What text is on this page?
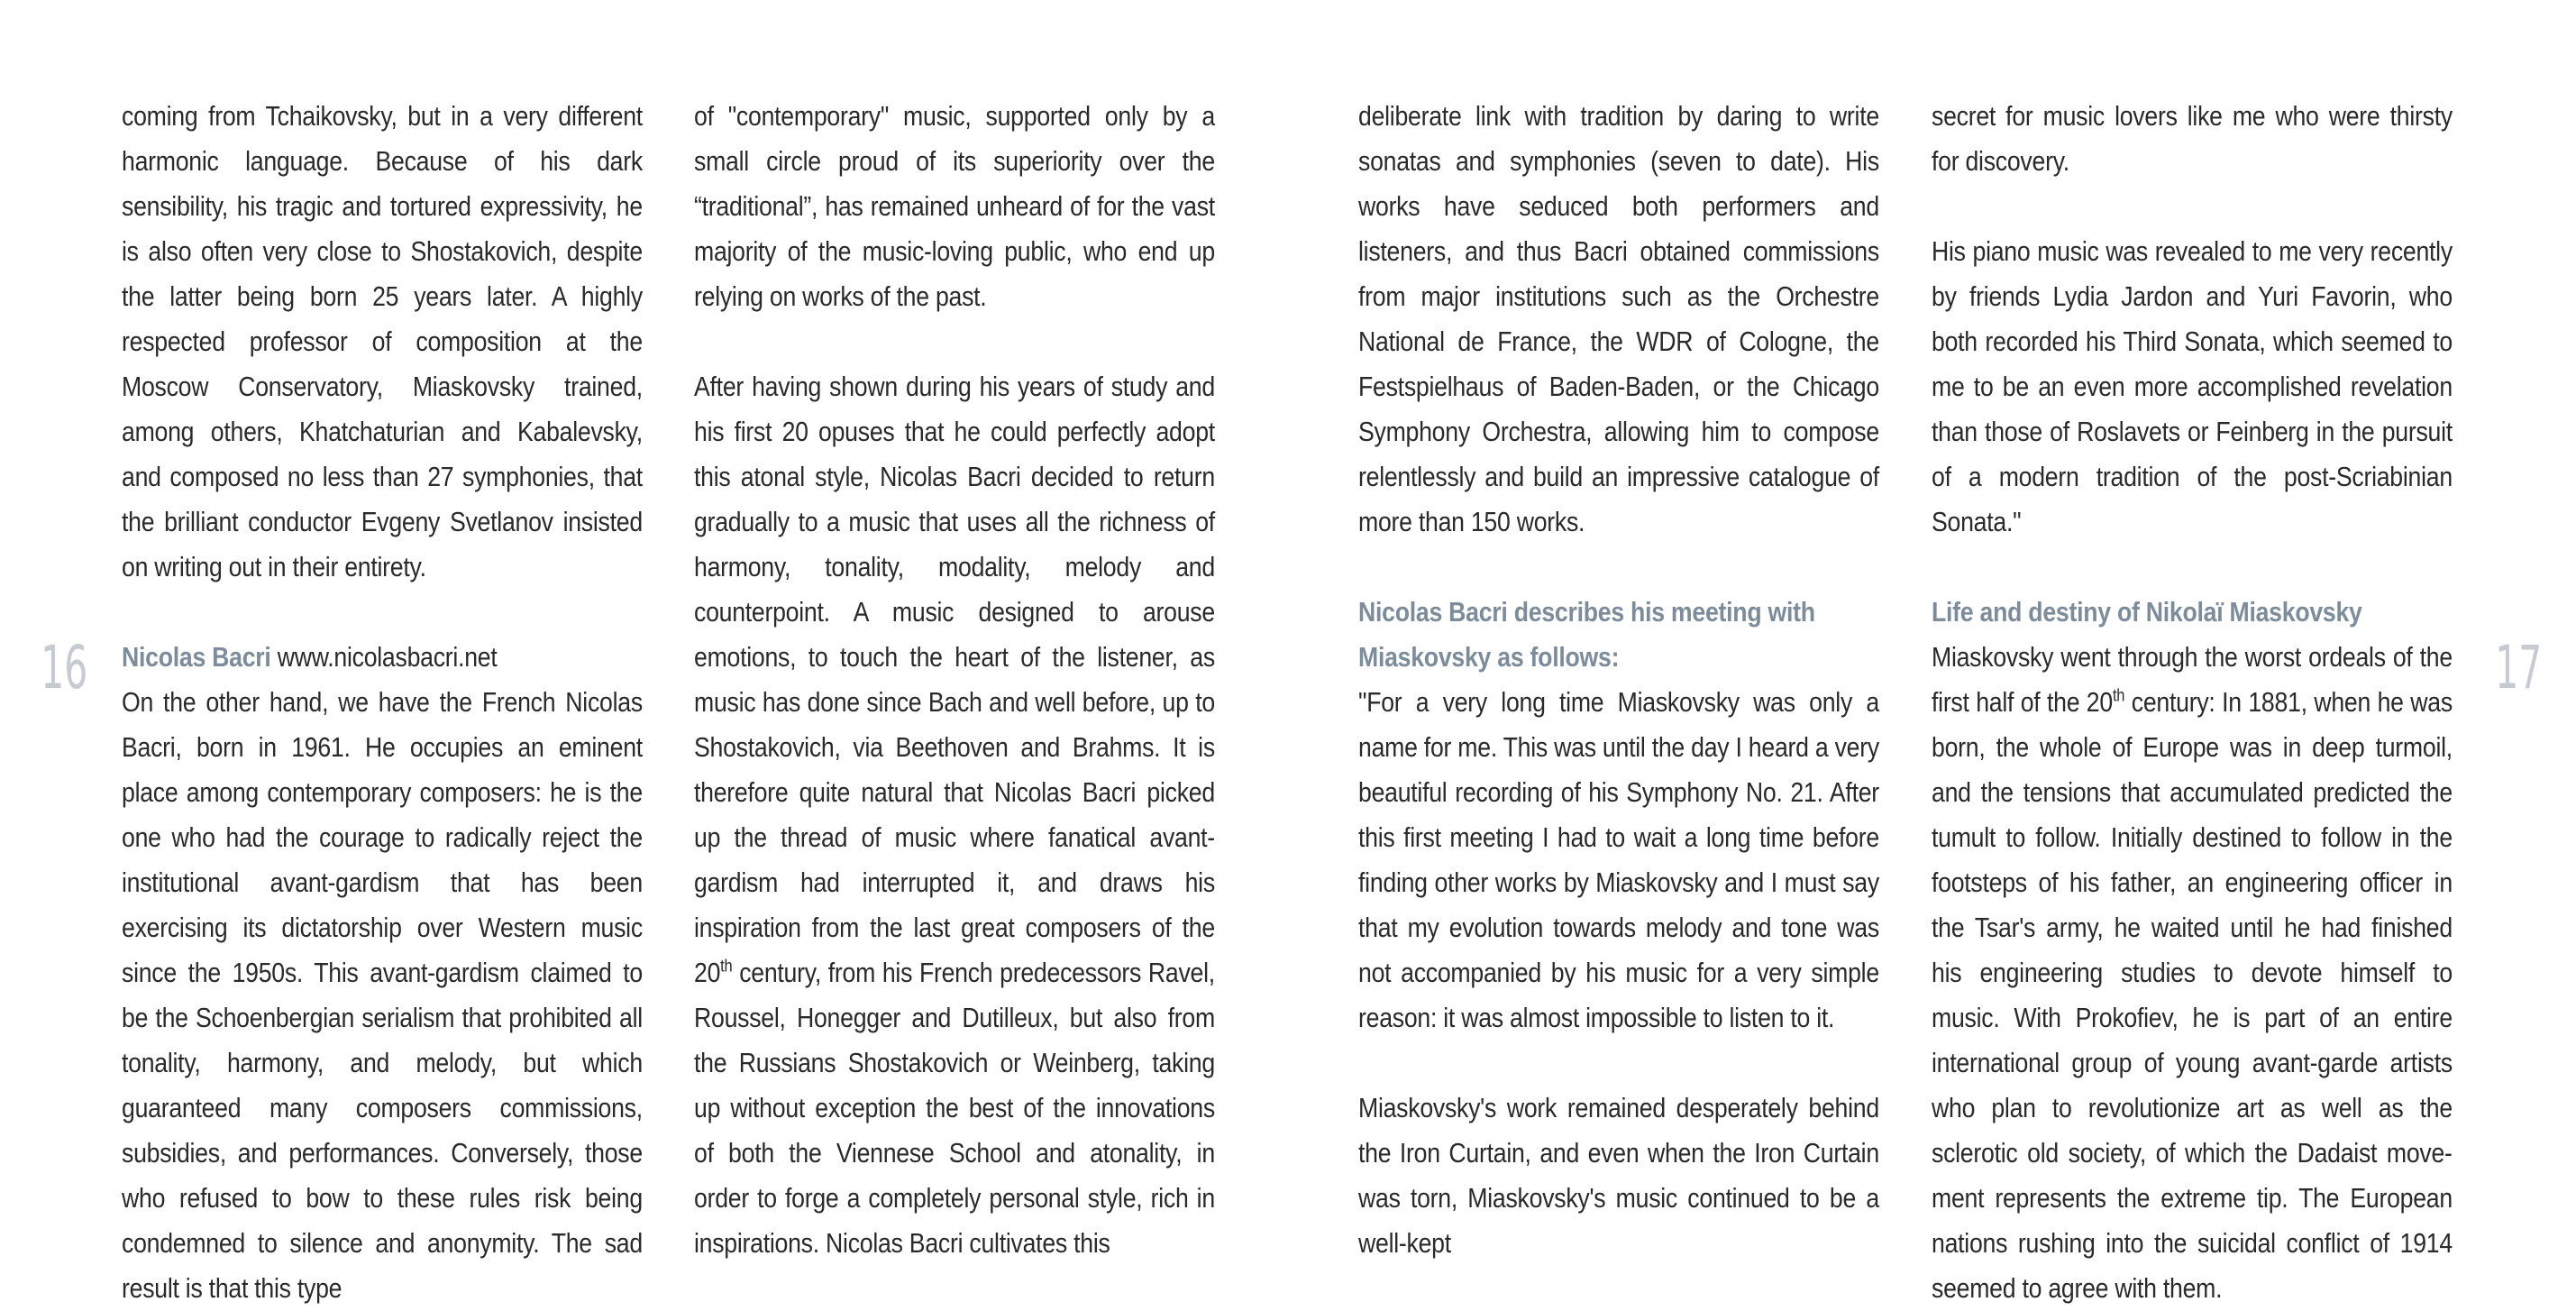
16	17

coming from Tchaikovsky, but in a very different harmonic language. Because of his dark sensibility, his tragic and tortured expressivity, he is also often very close to Shostakovich, despite the latter being born 25 years later. A highly respected professor of composition at the Moscow Conservatory, Miaskovsky trained, among others, Khatchaturian and Kabalevsky, and composed no less than 27 symphonies, that the brilliant conductor Evgeny Svetlanov insisted on writing out in their entirety.

Nicolas Bacri www.nicolasbacri.net

On the other hand, we have the French Nicolas Bacri, born in 1961. He occupies an eminent place among contemporary composers: he is the one who had the courage to radically reject the institutional avant-gardism that has been exercising its dictatorship over Western music since the 1950s. This avant-gardism claimed to be the Schoenbergian serialism that prohibited all tonality, harmony, and melody, but which guaranteed many composers commissions, subsidies, and performances. Conversely, those who refused to bow to these rules risk being condemned to silence and anonymity. The sad result is that this type

of "contemporary" music, supported only by a small circle proud of its superiority over the “traditional”, has remained unheard of for the vast majority of the music-loving public, who end up relying on works of the past.

After having shown during his years of study and his first 20 opuses that he could perfectly adopt this atonal style, Nicolas Bacri decided to return gradually to a music that uses all the richness of harmony, tonality, modality, melody and counterpoint. A music designed to arouse emotions, to touch the heart of the listener, as music has done since Bach and well before, up to Shostakovich, via Beethoven and Brahms. It is therefore quite natural that Nicolas Bacri picked up the thread of music where fanatical avant-gardism had interrupted it, and draws his inspiration from the last great composers of the 20th century, from his French predecessors Ravel, Roussel, Honegger and Dutilleux, but also from the Russians Shostakovich or Weinberg, taking up without exception the best of the innovations of both the Viennese School and atonality, in order to forge a completely personal style, rich in inspirations. Nicolas Bacri cultivates this

deliberate link with tradition by daring to write sonatas and symphonies (seven to date). His works have seduced both performers and listeners, and thus Bacri obtained commissions from major institutions such as the Orchestre National de France, the WDR of Cologne, the Festspielhaus of Baden-Baden, or the Chicago Symphony Orchestra, allowing him to compose relentlessly and build an impressive catalogue of more than 150 works.

Nicolas Bacri describes his meeting with Miaskovsky as follows:

"For a very long time Miaskovsky was only a name for me. This was until the day I heard a very beautiful recording of his Symphony No. 21. After this first meeting I had to wait a long time before finding other works by Miaskovsky and I must say that my evolution towards melody and tone was not accompanied by his music for a very simple reason: it was almost impossible to listen to it.

Miaskovsky's work remained desperately behind the Iron Curtain, and even when the Iron Curtain was torn, Miaskovsky's music continued to be a well-kept

secret for music lovers like me who were thirsty for discovery.

His piano music was revealed to me very recently by friends Lydia Jardon and Yuri Favorin, who both recorded his Third Sonata, which seemed to me to be an even more accomplished revelation than those of Roslavets or Feinberg in the pursuit of a modern tradition of the post-Scriabinian Sonata."

Life and destiny of Nikolaï Miaskovsky

Miaskovsky went through the worst ordeals of the first half of the 20th century: In 1881, when he was born, the whole of Europe was in deep turmoil, and the tensions that accumulated predicted the tumult to follow. Initially destined to follow in the footsteps of his father, an engineering officer in the Tsar's army, he waited until he had finished his engineering studies to devote himself to music. With Prokofiev, he is part of an entire international group of young avant-garde artists who plan to revolutionize art as well as the sclerotic old society, of which the Dadaist movement represents the extreme tip. The European nations rushing into the suicidal conflict of 1914 seemed to agree with them.
